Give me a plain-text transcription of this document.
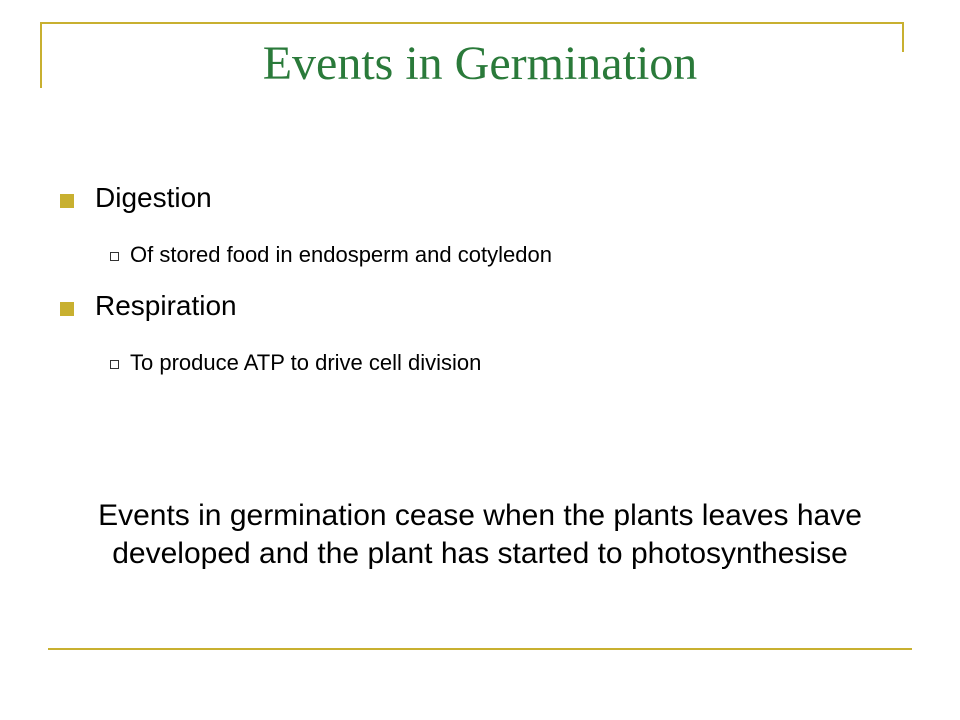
Events in Germination
Digestion
Of stored food in endosperm and cotyledon
Respiration
To produce ATP to drive cell division
Events in germination cease when the plants leaves have developed and the plant has started to photosynthesise
